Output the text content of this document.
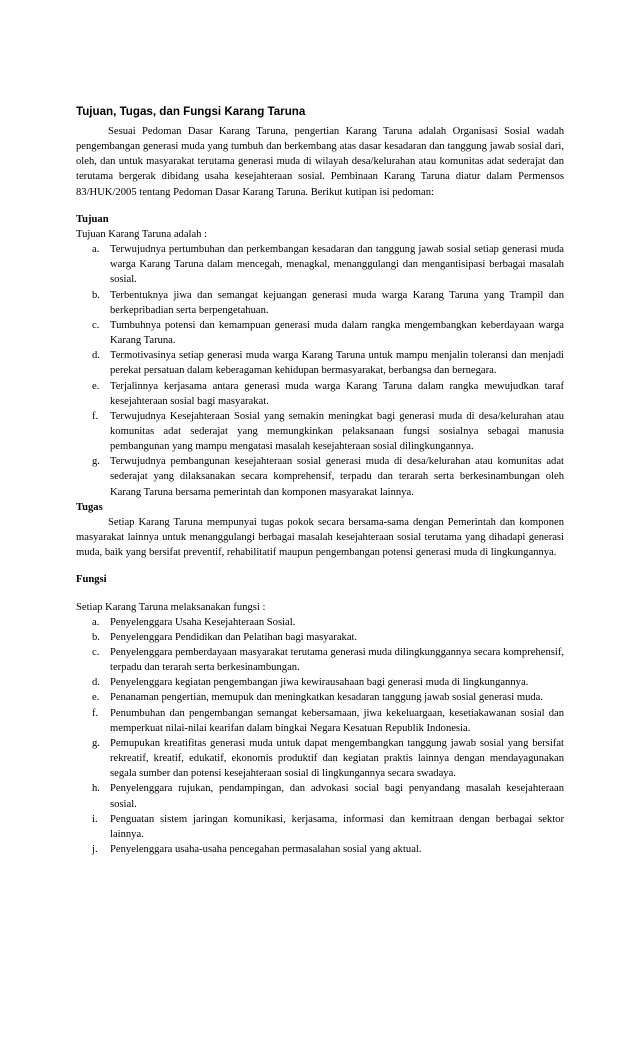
Tujuan, Tugas, dan Fungsi Karang Taruna

Sesuai Pedoman Dasar Karang Taruna, pengertian Karang Taruna adalah Organisasi Sosial wadah pengembangan generasi muda yang tumbuh dan berkembang atas dasar kesadaran dan tanggung jawab sosial dari, oleh, dan untuk masyarakat terutama generasi muda di wilayah desa/kelurahan atau komunitas adat sederajat dan terutama bergerak dibidang usaha kesejahteraan sosial. Pembinaan Karang Taruna diatur dalam Permensos 83/HUK/2005 tentang Pedoman Dasar Karang Taruna. Berikut kutipan isi pedoman:

Tujuan

Tujuan Karang Taruna adalah :

a. Terwujudnya pertumbuhan dan perkembangan kesadaran dan tanggung jawab sosial setiap generasi muda warga Karang Taruna dalam mencegah, menagkal, menanggulangi dan mengantisipasi berbagai masalah sosial.
b. Terbentuknya jiwa dan semangat kejuangan generasi muda warga Karang Taruna yang Trampil dan berkepribadian serta berpengetahuan.
c. Tumbuhnya potensi dan kemampuan generasi muda dalam rangka mengembangkan keberdayaan warga Karang Taruna.
d. Termotivasinya setiap generasi muda warga Karang Taruna untuk mampu menjalin toleransi dan menjadi perekat persatuan dalam keberagaman kehidupan bermasyarakat, berbangsa dan bernegara.
e. Terjalinnya kerjasama antara generasi muda warga Karang Taruna dalam rangka mewujudkan taraf kesejahteraan sosial bagi masyarakat.
f. Terwujudnya Kesejahteraan Sosial yang semakin meningkat bagi generasi muda di desa/kelurahan atau komunitas adat sederajat yang memungkinkan pelaksanaan fungsi sosialnya sebagai manusia pembangunan yang mampu mengatasi masalah kesejahteraan sosial dilingkungannya.
g. Terwujudnya pembangunan kesejahteraan sosial generasi muda di desa/kelurahan atau komunitas adat sederajat yang dilaksanakan secara komprehensif, terpadu dan terarah serta berkesinambungan oleh Karang Taruna bersama pemerintah dan komponen masyarakat lainnya.

Tugas

Setiap Karang Taruna mempunyai tugas pokok secara bersama-sama dengan Pemerintah dan komponen masyarakat lainnya untuk menanggulangi berbagai masalah kesejahteraan sosial terutama yang dihadapi generasi muda, baik yang bersifat preventif, rehabilitatif maupun pengembangan potensi generasi muda di lingkungannya.

Fungsi

Setiap Karang Taruna melaksanakan fungsi :

a. Penyelenggara Usaha Kesejahteraan Sosial.
b. Penyelenggara Pendidikan dan Pelatihan bagi masyarakat.
c. Penyelenggara pemberdayaan masyarakat terutama generasi muda dilingkunggannya secara komprehensif, terpadu dan terarah serta berkesinambungan.
d. Penyelenggara kegiatan pengembangan jiwa kewirausahaan bagi generasi muda di lingkungannya.
e. Penanaman pengertian, memupuk dan meningkatkan kesadaran tanggung jawab sosial generasi muda.
f. Penumbuhan dan pengembangan semangat kebersamaan, jiwa kekeluargaan, kesetiakawanan sosial dan memperkuat nilai-nilai kearifan dalam bingkai Negara Kesatuan Republik Indonesia.
g. Pemupukan kreatifitas generasi muda untuk dapat mengembangkan tanggung jawab sosial yang bersifat rekreatif, kreatif, edukatif, ekonomis produktif dan kegiatan praktis lainnya dengan mendayagunakan segala sumber dan potensi kesejahteraan sosial di lingkungannya secara swadaya.
h. Penyelenggara rujukan, pendampingan, dan advokasi social bagi penyandang masalah kesejahteraan sosial.
i. Penguatan sistem jaringan komunikasi, kerjasama, informasi dan kemitraan dengan berbagai sektor lainnya.
j. Penyelenggara usaha-usaha pencegahan permasalahan sosial yang aktual.
